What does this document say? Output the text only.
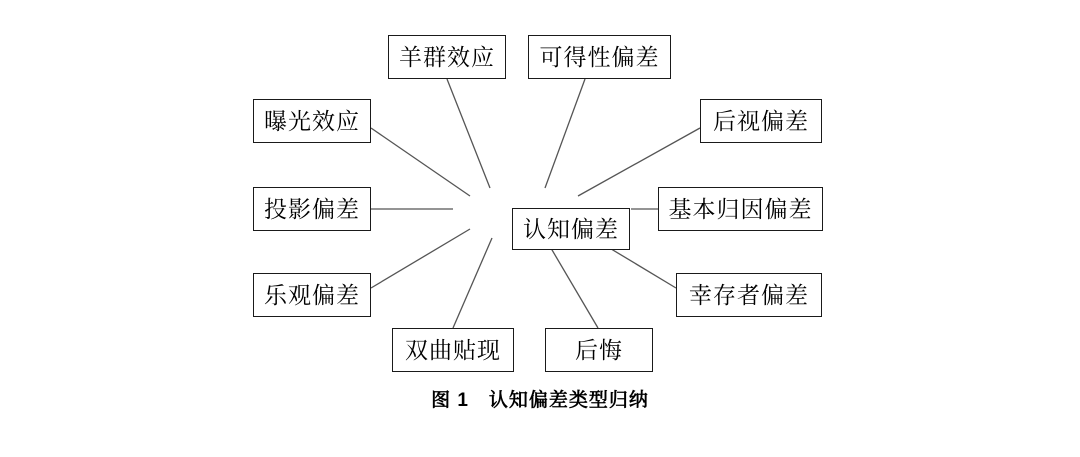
认知偏差
羊群效应	可得性偏差
曝光效应	后视偏差
投影偏差	基本归因偏差
乐观偏差	幸存者偏差
双曲贴现	后悔
图 1　认知偏差类型归纳
